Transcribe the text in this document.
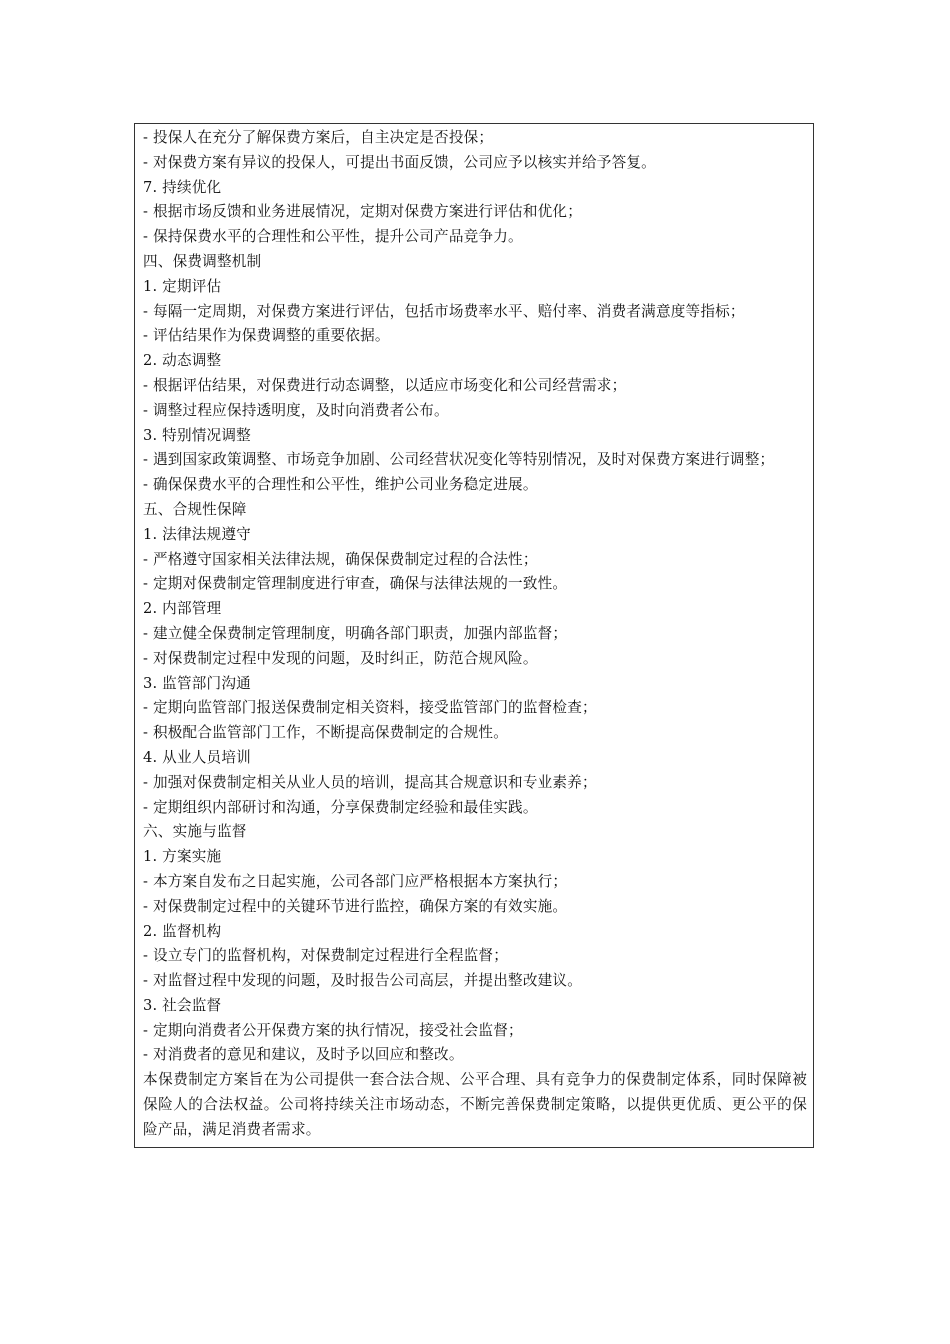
- 投保人在充分了解保费方案后，自主决定是否投保；
- 对保费方案有异议的投保人，可提出书面反馈，公司应予以核实并给予答复。
7. 持续优化
- 根据市场反馈和业务进展情况，定期对保费方案进行评估和优化；
- 保持保费水平的合理性和公平性，提升公司产品竞争力。
四、保费调整机制
1. 定期评估
- 每隔一定周期，对保费方案进行评估，包括市场费率水平、赔付率、消费者满意度等指标；
- 评估结果作为保费调整的重要依据。
2. 动态调整
- 根据评估结果，对保费进行动态调整，以适应市场变化和公司经营需求；
- 调整过程应保持透明度，及时向消费者公布。
3. 特别情况调整
- 遇到国家政策调整、市场竞争加剧、公司经营状况变化等特别情况，及时对保费方案进行调整；
- 确保保费水平的合理性和公平性，维护公司业务稳定进展。
五、合规性保障
1. 法律法规遵守
- 严格遵守国家相关法律法规，确保保费制定过程的合法性；
- 定期对保费制定管理制度进行审查，确保与法律法规的一致性。
2. 内部管理
- 建立健全保费制定管理制度，明确各部门职责，加强内部监督；
- 对保费制定过程中发现的问题，及时纠正，防范合规风险。
3. 监管部门沟通
- 定期向监管部门报送保费制定相关资料，接受监管部门的监督检查；
- 积极配合监管部门工作，不断提高保费制定的合规性。
4. 从业人员培训
- 加强对保费制定相关从业人员的培训，提高其合规意识和专业素养；
- 定期组织内部研讨和沟通，分享保费制定经验和最佳实践。
六、实施与监督
1. 方案实施
- 本方案自发布之日起实施，公司各部门应严格根据本方案执行；
- 对保费制定过程中的关键环节进行监控，确保方案的有效实施。
2. 监督机构
- 设立专门的监督机构，对保费制定过程进行全程监督；
- 对监督过程中发现的问题，及时报告公司高层，并提出整改建议。
3. 社会监督
- 定期向消费者公开保费方案的执行情况，接受社会监督；
- 对消费者的意见和建议，及时予以回应和整改。
本保费制定方案旨在为公司提供一套合法合规、公平合理、具有竞争力的保费制定体系，同时保障被保险人的合法权益。公司将持续关注市场动态，不断完善保费制定策略，以提供更优质、更公平的保险产品，满足消费者需求。
